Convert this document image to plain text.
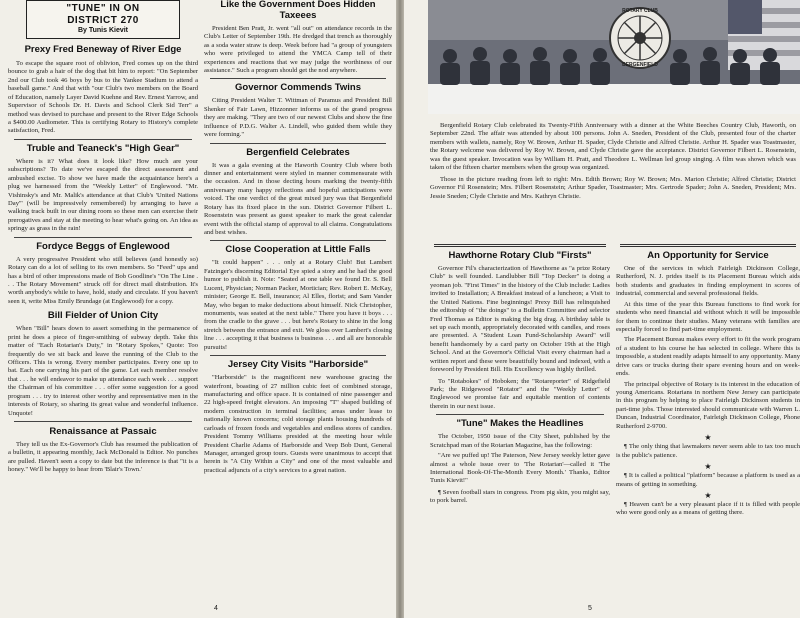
"TUNE" IN ON
DISTRICT 270
By Tunis Kievit
Prexy Fred Beneway of River Edge
To escape the square root of oblivion, Fred comes up on the third bounce to grab a hair of the dog that bit him to report: "On September 2nd our Club took 46 boys by bus to the Yankee Stadium to attend a baseball game." And that with "our Club's two members on the Board of Education, namely Layer David Kuehne and Rev. Ernest Yarrow, and Supervisor of Schools Dr. H. Davis and School Clerk Sid Terr" a method was devised to purchase and present to the River Edge Schools a $400.00 Audiometer. This is certifying Rotary to History's complete satisfaction, Fred.
Truble and Teaneck's "High Gear"
Where is it? What does it look like? How much are your subscriptions? To date we've escaped the direct assessment and ambushed excise. To show we have made the acquaintance here's a plug we harnessed from the "Weekly Letter" of Englewood. "Mr. Vishinsky's and Mr. Malik's attendance at that Club's 'United Nations Day'" (will be impressively remembered) by arranging to have a walking track built in our dining room so these men can exercise their prerogatives and stay at the meeting to hear what's going on. An idea as springy as grass in the rain!
Fordyce Beggs of Englewood
A very progressive President who still believes (and honestly so) Rotary can do a lot of selling to its own members. So "Feed" ups and has a bird of other impressions made of Bob Goodline's "On The Line . . . The Rotary Movement" struck off for direct mail distribution. It's worth anybody's while to have, hold, study and circulate. If you haven't seen it, write Miss Emily Brundage (at Englewood) for a copy.
Bill Fielder of Union City
When "Bill" hears down to assert something in the permanence of print he does a piece of finger-smithing of subway depth. Take this matter of "Each Rotarian's Duty," in "Rotary Spokes," Quote: Too frequently do we sit back and leave the running of the Club to the Officers. This is wrong. Every member participates. Every one up to bat. Each one carrying his part of the game. Let each member resolve that . . . he will endeavor to make up attendance each week . . . support the Chairman of his committee . . . offer some suggestion for a good program . . . try to interest other worthy and representative men in the interests of Rotary, so sharing its great value and wonderful influence. Unquote!
Renaissance at Passaic
They tell us the Ex-Governor's Club has resumed the publication of a bulletin, it appearing monthly, Jack McDonald is Editor. No punches are pulled. Haven't seen a copy to date but the inference is that "it is a honey." We'll be happy to hear from 'Blair's Town.'
Like the Government Does Hidden Taxeees
President Ben Pratt, Jr. went "all out" on attendance records in the Club's Letter of September 19th. He dredged that trench as thoroughly as a soda water straw is deep. Week before had "a group of youngsters who were privileged to attend the YMCA Camp tell of their experiences and reactions that we may judge the worthiness of our assistance." Such a program should get the nod anywhere.
Governor Commends Twins
Citing President Walter T. Wittman of Paramus and President Bill Shenker of Fair Lawn, Hizzonner informs us of the grand progress they are making. "They are two of our newest Clubs and show the fine influence of P.D.G. Walter A. Lindell, who guided them while they were forming."
Bergenfield Celebrates
It was a gala evening at the Haworth Country Club where both dinner and entertainment were styled in manner commensurate with the occasion. And in those decting hours marking the twenty-fifth anniversary many happy reflections and hopeful anticipations were voiced. The one verdict of the great mixed jury was that Bergenfield Rotary has its fixed place in the sun. District Governor Filbert L. Rosenstein was present as guest speaker to mark the great calendar event with the official stamp of approval to all claims. Congratulations and best wishes.
Close Cooperation at Little Falls
"It could happen" . . . only at a Rotary Club! But Lambert Fatzinger's discerning Editorial Eye spied a story and he had the good humor to publish it. Note: "Seated at one table we found Dr. S. Bell Lucent, Physician; Norman Packer, Mortician; Rev. Robert E. McKay, minister; George E. Bell, insurance; Al Elles, florist; and Sam Vander May, who began to make deductions about himself. Nick Christopher, monuments, was seated at the next table." There you have it boys . . . from the cradle to the grave . . . but here's Rotary to shine in the long stretch between the entrance and exit. We gloss over Lambert's closing line . . . accepting it that business is business . . . and all are honorable pursuits!
Jersey City Visits "Harborside"
"Harborside" is the magnificent new warehouse gracing the waterfront, boasting of 27 million cubic feet of combined storage, manufacturing and office space. It is contained of nine passenger and 22 high-speed freight elevators. An imposing "T" shaped building of modern construction in terminal facilities; areas under lease to nationally known concerns; cold storage plants housing hundreds of carloads of frozen foods and vegetables and endless stores of candies. President Tommy Williams presided at the meeting hour while President Charlie Adams of Harborside and Veep Bob Dunt, General Manager, arranged group tours. Guests were unanimous to accept that herein is "A City Within a City" and one of the most valuable and practical adjuncts of a city's services to a great nation.
4
ROTARY CLUB
BERGENFIELD
Bergenfield Rotary Club celebrated its Twenty-Fifth Anniversary with a dinner at the White Beeches Country Club, Haworth, on September 22nd. The affair was attended by about 100 persons. John A. Sneden, President of the Club, presented four of the charter members with wallets, namely, Roy W. Brown, Arthur H. Spader, Clyde Christie and Alfred Christie. Arthur H. Spader was Toastmaster, the Rotary welcome was delivered by Roy W. Brown, and Clyde Christie gave the acceptance. District Governor Filbert L. Rosenstein, was the guest speaker. Invocation was by William H. Pratt, and Theodore L. Wellman led group singing. A film was shown which was taken of the fifteen charter members when the group was organized.
Those in the picture reading from left to right: Mrs. Edith Brown; Roy W. Brown; Mrs. Marion Christie; Alfred Christie; District Governor Fil Rosenstein; Mrs. Filbert Rosenstein; Arthur Spader, Toastmaster; Mrs. Gertrode Spader; John A. Sneden, President; Mrs. Jessie Sneden; Clyde Christie and Mrs. Kathryn Christie.
Hawthorne Rotary Club "Firsts"
Governor Fil's characterization of Hawthorne as "a prize Rotary Club" is well founded. Landlubber Bill "Top Decker" is doing a yeoman job. "First Times" in the history of the Club include: Ladies invited to Installation; A Breakfast instead of a luncheon; a Visit to the United Nations. Fine beginnings! Prexy Bill has relinquished the editorship of "the doings" to a Bulletin Committee and selector Fred Thomas as Editor is making the big drag. A birthday table is set up each month, appropriately decorated with candles, and roses are presented. A "Student Loan Fund-Scholarship Award" will benefit handsomely by a card party on October 19th at the High School. And at the Governor's Official Visit every chairman had a written report and these were beautifully bound and indexed, with a foreword by President Bill. His Excellency was highly thrilled.
To "Rotabokes" of Hoboken; the "Rotareporter" of Ridgefield Park; the Ridgewood "Rotator" and the "Weekly Letter" of Englewood we promise fair and equitable mention of contents therein in our next issue.
"Tune" Makes the Headlines
The October, 1950 issue of the City Sheet, published by the Scratchpad man of the Rotarian Magazine, has the following:
"Are we puffed up! The Paterson, New Jersey weekly letter gave almost a whole issue over to 'The Rotarian'—called it 'The International Book-Of-The-Month Every Month.' Thanks, Editor Tunis Kievit!"
¶ Seven football stars in congress. From pig skin, you might say, to pork barrel.
An Opportunity for Service
One of the services in which Fairleigh Dickinson College, Rutherford, N. J. prides itself is its Placement Bureau which aids both students and graduates in finding employment in scores of industrial, commercial and several professional fields.
At this time of the year this Bureau functions to find work for students who need financial aid without which it will be impossible for them to continue their studies. Many veterans with families are especially forced to find part-time employment.
The Placement Bureau makes every effort to fit the work program of a student to his course he has selected in college. Where this is impossible, a student readily adapts himself to any opportunity. Many drive cars or trucks during their spare evening hours and on week-ends.
The principal objective of Rotary is its interest in the education of young Americans. Rotarians in northern New Jersey can participate in this program by helping to place Fairleigh Dickinson students in part-time jobs. Those interested should communicate with Warren L. Duncan, Industrial Coordinator, Fairleigh Dickinson College, Phone Rutherford 2-9700.
★
¶ The only thing that lawmakers never seem able to tax too much is the public's patience.
★
¶ It is called a political "platform" because a platform is used as a means of getting in something.
★
¶ Heaven can't be a very pleasant place if it is filled with people who were good only as a means of getting there.
5
